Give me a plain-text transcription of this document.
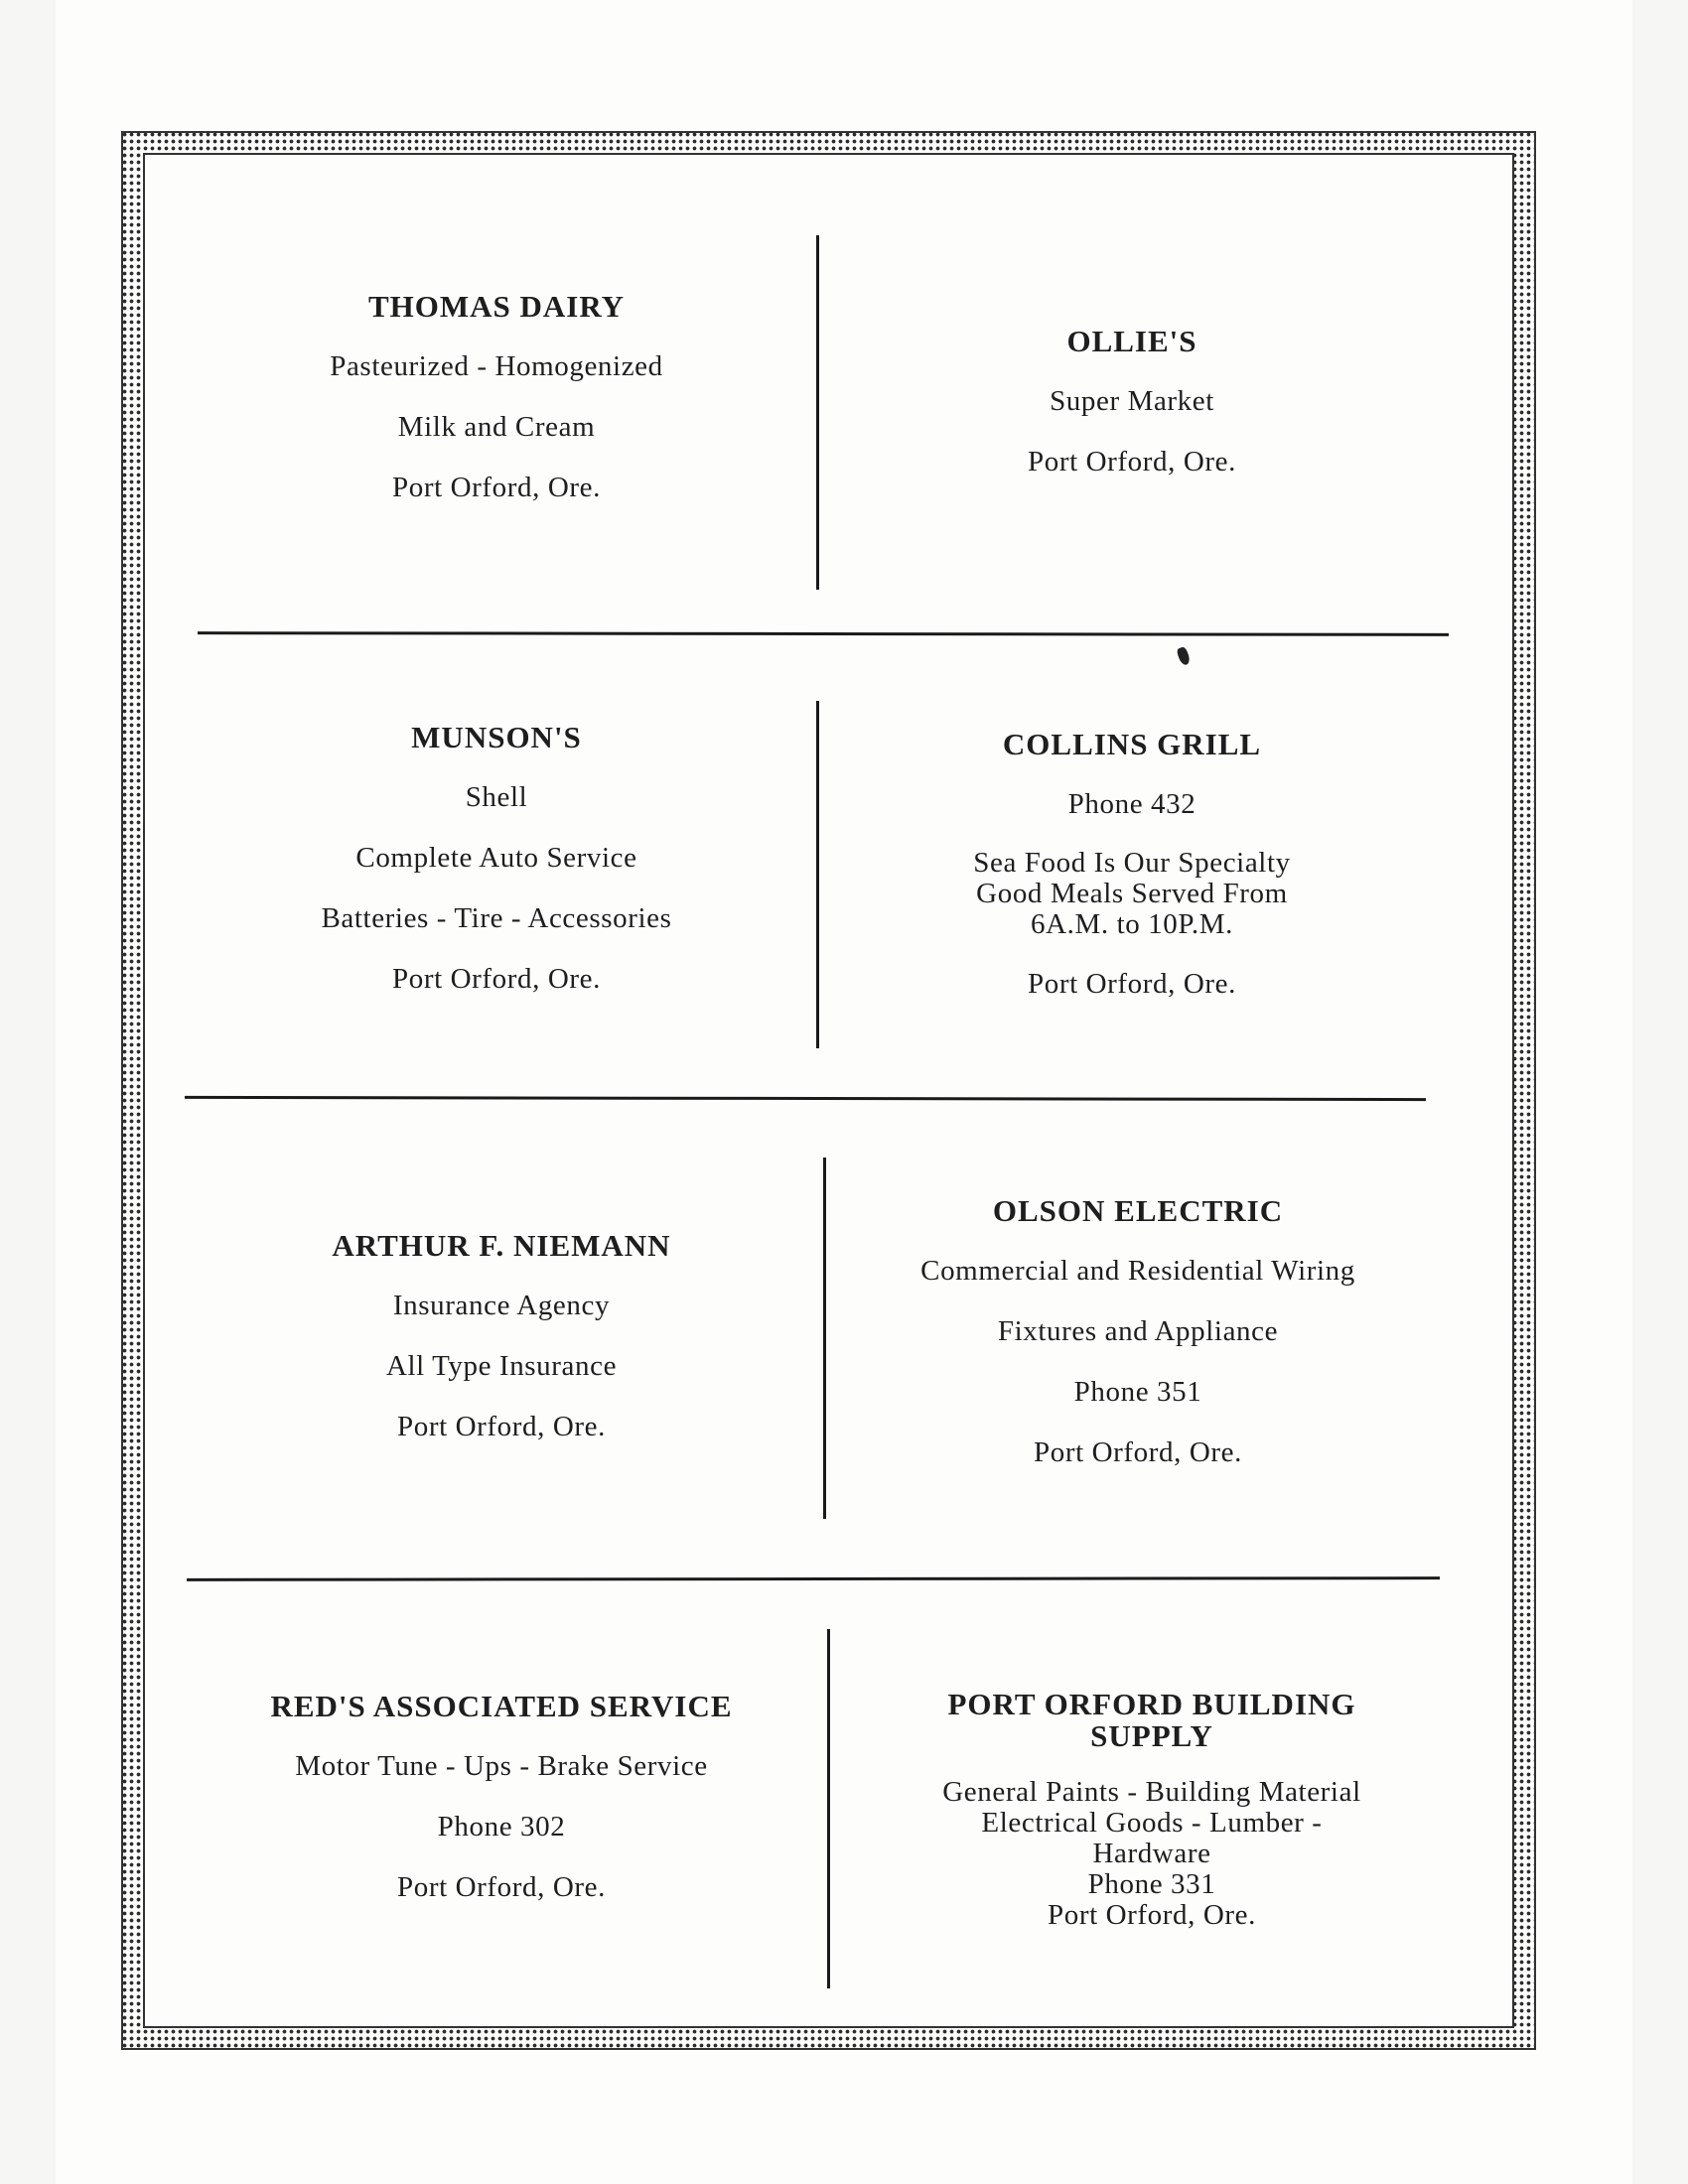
THOMAS DAIRY
Pasteurized - Homogenized
Milk and Cream
Port Orford, Ore.
OLLIE'S
Super Market
Port Orford, Ore.
MUNSON'S
Shell
Complete Auto Service
Batteries - Tire - Accessories
Port Orford, Ore.
COLLINS GRILL
Phone 432
Sea Food Is Our Specialty
Good Meals Served From
6A.M. to 10P.M.
Port Orford, Ore.
ARTHUR F. NIEMANN
Insurance Agency
All Type Insurance
Port Orford, Ore.
OLSON ELECTRIC
Commercial and Residential Wiring
Fixtures and Appliance
Phone 351
Port Orford, Ore.
RED'S ASSOCIATED SERVICE
Motor Tune - Ups - Brake Service
Phone 302
Port Orford, Ore.
PORT ORFORD BUILDING
SUPPLY
General Paints - Building Material
Electrical Goods - Lumber -
Hardware
Phone 331
Port Orford, Ore.
